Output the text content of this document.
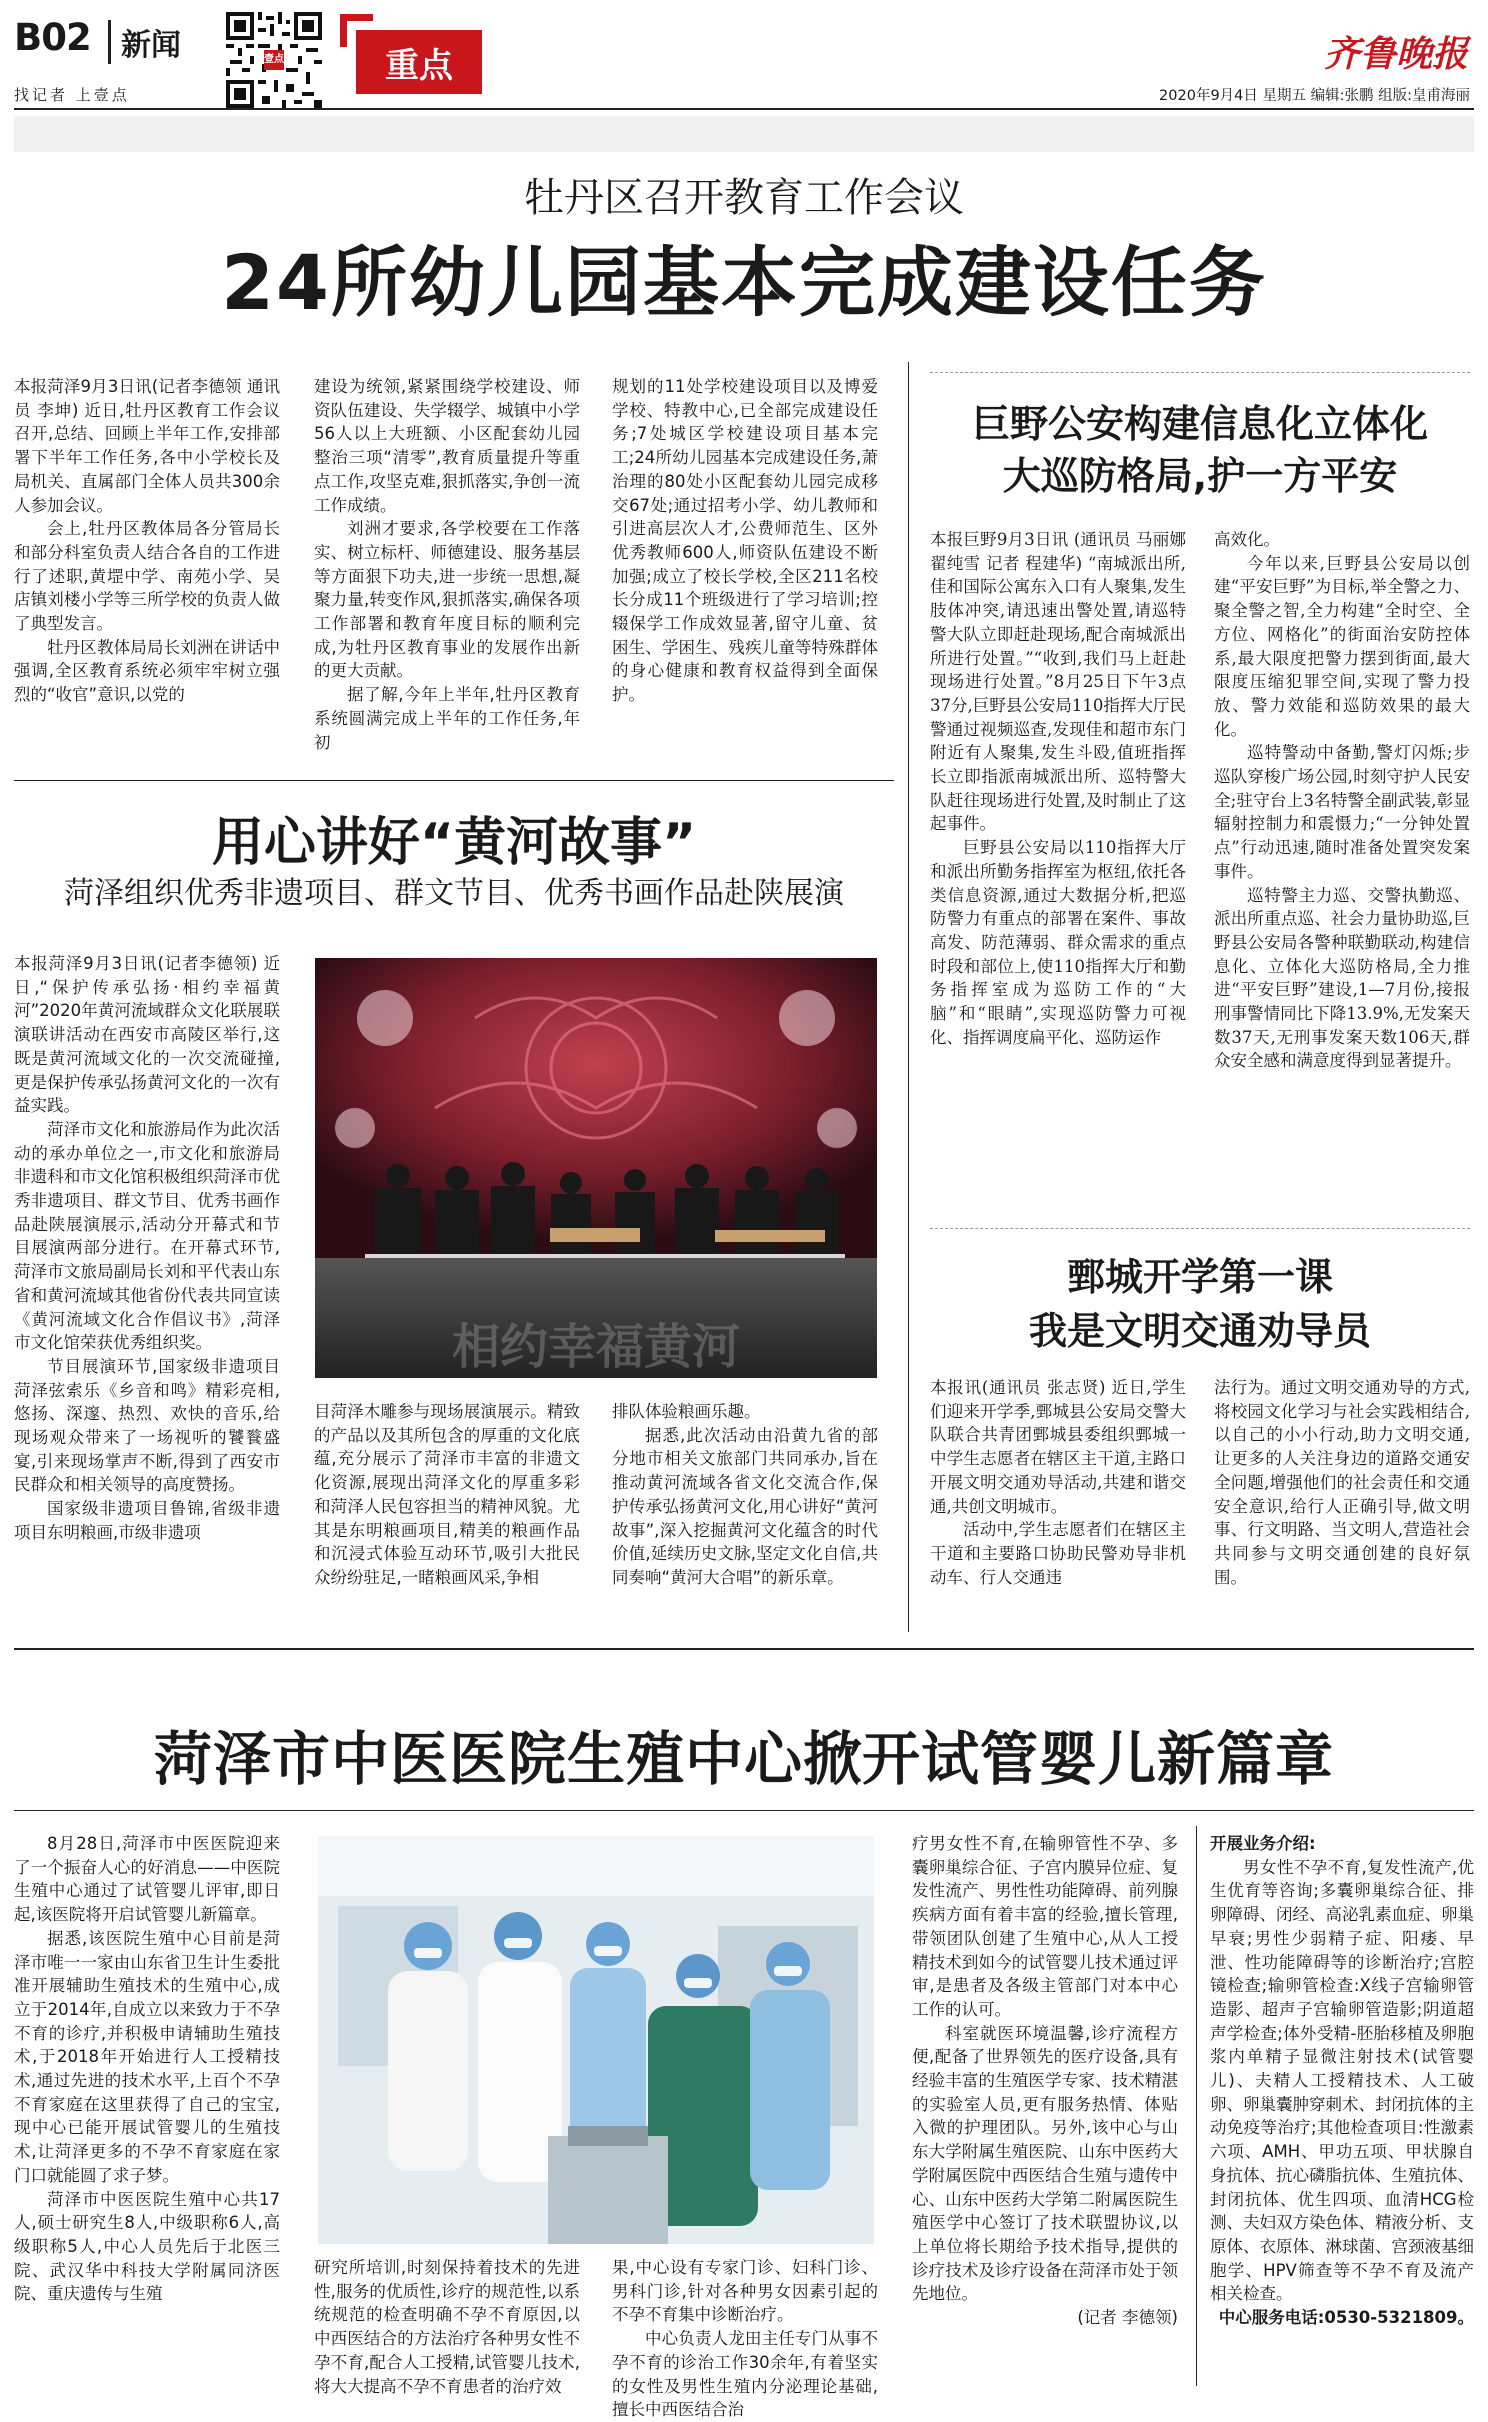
B02 新闻
找记者 上壹点
壹点	重点	齐鲁晚报
2020年9月4日 星期五 编辑:张鹏 组版:皇甫海丽
牡丹区召开教育工作会议
24所幼儿园基本完成建设任务

本报菏泽9月3日讯(记者李德领 通讯员 李坤) 近日,牡丹区教育工作会议召开,总结、回顾上半年工作,安排部署下半年工作任务,各中小学校长及局机关、直属部门全体人员共300余人参加会议。

会上,牡丹区教体局各分管局长和部分科室负责人结合各自的工作进行了述职,黄堽中学、南苑小学、吴店镇刘楼小学等三所学校的负责人做了典型发言。

牡丹区教体局局长刘洲在讲话中强调,全区教育系统必须牢牢树立强烈的“收官”意识,以党的

建设为统领,紧紧围绕学校建设、师资队伍建设、失学辍学、城镇中小学56人以上大班额、小区配套幼儿园整治三项“清零”,教育质量提升等重点工作,攻坚克难,狠抓落实,争创一流工作成绩。

刘洲才要求,各学校要在工作落实、树立标杆、师德建设、服务基层等方面狠下功夫,进一步统一思想,凝聚力量,转变作风,狠抓落实,确保各项工作部署和教育年度目标的顺利完成,为牡丹区教育事业的发展作出新的更大贡献。

据了解,今年上半年,牡丹区教育系统圆满完成上半年的工作任务,年初

规划的11处学校建设项目以及博爱学校、特教中心,已全部完成建设任务;7处城区学校建设项目基本完工;24所幼儿园基本完成建设任务,萧治理的80处小区配套幼儿园完成移交67处;通过招考小学、幼儿教师和引进高层次人才,公费师范生、区外优秀教师600人,师资队伍建设不断加强;成立了校长学校,全区211名校长分成11个班级进行了学习培训;控辍保学工作成效显著,留守儿童、贫困生、学困生、残疾儿童等特殊群体的身心健康和教育权益得到全面保护。

巨野公安构建信息化立体化
大巡防格局,护一方平安

本报巨野9月3日讯 (通讯员 马丽娜 翟纯雪 记者 程建华) “南城派出所,佳和国际公寓东入口有人聚集,发生肢体冲突,请迅速出警处置,请巡特警大队立即赶赴现场,配合南城派出所进行处置。”“收到,我们马上赶赴现场进行处置。”8月25日下午3点37分,巨野县公安局110指挥大厅民警通过视频巡查,发现佳和超市东门附近有人聚集,发生斗殴,值班指挥长立即指派南城派出所、巡特警大队赶往现场进行处置,及时制止了这起事件。

巨野县公安局以110指挥大厅和派出所勤务指挥室为枢纽,依托各类信息资源,通过大数据分析,把巡防警力有重点的部署在案件、事故高发、防范薄弱、群众需求的重点时段和部位上,使110指挥大厅和勤务指挥室成为巡防工作的“大脑”和“眼睛”,实现巡防警力可视化、指挥调度扁平化、巡防运作

高效化。

今年以来,巨野县公安局以创建“平安巨野”为目标,举全警之力、聚全警之智,全力构建“全时空、全方位、网格化”的街面治安防控体系,最大限度把警力摆到街面,最大限度压缩犯罪空间,实现了警力投放、警力效能和巡防效果的最大化。

巡特警动中备勤,警灯闪烁;步巡队穿梭广场公园,时刻守护人民安全;驻守台上3名特警全副武装,彰显辐射控制力和震慑力;“一分钟处置点”行动迅速,随时准备处置突发案事件。

巡特警主力巡、交警执勤巡、派出所重点巡、社会力量协助巡,巨野县公安局各警种联勤联动,构建信息化、立体化大巡防格局,全力推进“平安巨野”建设,1—7月份,接报刑事警情同比下降13.9%,无发案天数37天,无刑事发案天数106天,群众安全感和满意度得到显著提升。

用心讲好“黄河故事”
菏泽组织优秀非遗项目、群文节目、优秀书画作品赴陕展演

本报菏泽9月3日讯(记者李德领) 近日,“保护传承弘扬·相约幸福黄河”2020年黄河流域群众文化联展联演联讲活动在西安市高陵区举行,这既是黄河流域文化的一次交流碰撞,更是保护传承弘扬黄河文化的一次有益实践。

菏泽市文化和旅游局作为此次活动的承办单位之一,市文化和旅游局非遗科和市文化馆积极组织菏泽市优秀非遗项目、群文节目、优秀书画作品赴陕展演展示,活动分开幕式和节目展演两部分进行。在开幕式环节,菏泽市文旅局副局长刘和平代表山东省和黄河流域其他省份代表共同宣读《黄河流域文化合作倡议书》,菏泽市文化馆荣获优秀组织奖。

节目展演环节,国家级非遗项目菏泽弦索乐《乡音和鸣》精彩亮相,悠扬、深邃、热烈、欢快的音乐,给现场观众带来了一场视听的饕餮盛宴,引来现场掌声不断,得到了西安市民群众和相关领导的高度赞扬。

国家级非遗项目鲁锦,省级非遗项目东明粮画,市级非遗项

相约幸福黄河

目菏泽木雕参与现场展演展示。精致的产品以及其所包含的厚重的文化底蕴,充分展示了菏泽市丰富的非遗文化资源,展现出菏泽文化的厚重多彩和菏泽人民包容担当的精神风貌。尤其是东明粮画项目,精美的粮画作品和沉浸式体验互动环节,吸引大批民众纷纷驻足,一睹粮画风采,争相

排队体验粮画乐趣。

据悉,此次活动由沿黄九省的部分地市相关文旅部门共同承办,旨在推动黄河流域各省文化交流合作,保护传承弘扬黄河文化,用心讲好“黄河故事”,深入挖掘黄河文化蕴含的时代价值,延续历史文脉,坚定文化自信,共同奏响“黄河大合唱”的新乐章。

鄄城开学第一课
我是文明交通劝导员

本报讯(通讯员 张志贤) 近日,学生们迎来开学季,鄄城县公安局交警大队联合共青团鄄城县委组织鄄城一中学生志愿者在辖区主干道,主路口开展文明交通劝导活动,共建和谐交通,共创文明城市。

活动中,学生志愿者们在辖区主干道和主要路口协助民警劝导非机动车、行人交通违

法行为。通过文明交通劝导的方式,将校园文化学习与社会实践相结合,以自己的小小行动,助力文明交通,让更多的人关注身边的道路交通安全问题,增强他们的社会责任和交通安全意识,给行人正确引导,做文明事、行文明路、当文明人,营造社会共同参与文明交通创建的良好氛围。

菏泽市中医医院生殖中心掀开试管婴儿新篇章

8月28日,菏泽市中医医院迎来了一个振奋人心的好消息——中医院生殖中心通过了试管婴儿评审,即日起,该医院将开启试管婴儿新篇章。

据悉,该医院生殖中心目前是菏泽市唯一一家由山东省卫生计生委批准开展辅助生殖技术的生殖中心,成立于2014年,自成立以来致力于不孕不育的诊疗,并积极申请辅助生殖技术,于2018年开始进行人工授精技术,通过先进的技术水平,上百个不孕不育家庭在这里获得了自己的宝宝,现中心已能开展试管婴儿的生殖技术,让菏泽更多的不孕不育家庭在家门口就能圆了求子梦。

菏泽市中医医院生殖中心共17人,硕士研究生8人,中级职称6人,高级职称5人,中心人员先后于北医三院、武汉华中科技大学附属同济医院、重庆遗传与生殖

研究所培训,时刻保持着技术的先进性,服务的优质性,诊疗的规范性,以系统规范的检查明确不孕不育原因,以中西医结合的方法治疗各种男女性不孕不育,配合人工授精,试管婴儿技术,将大大提高不孕不育患者的治疗效

果,中心设有专家门诊、妇科门诊、男科门诊,针对各种男女因素引起的不孕不育集中诊断治疗。

中心负责人龙田主任专门从事不孕不育的诊治工作30余年,有着坚实的女性及男性生殖内分泌理论基础,擅长中西医结合治

疗男女性不育,在输卵管性不孕、多囊卵巢综合征、子宫内膜异位症、复发性流产、男性性功能障碍、前列腺疾病方面有着丰富的经验,擅长管理,带领团队创建了生殖中心,从人工授精技术到如今的试管婴儿技术通过评审,是患者及各级主管部门对本中心工作的认可。

科室就医环境温馨,诊疗流程方便,配备了世界领先的医疗设备,具有经验丰富的生殖医学专家、技术精湛的实验室人员,更有服务热情、体贴入微的护理团队。另外,该中心与山东大学附属生殖医院、山东中医药大学附属医院中西医结合生殖与遗传中心、山东中医药大学第二附属医院生殖医学中心签订了技术联盟协议,以上单位将长期给予技术指导,提供的诊疗技术及诊疗设备在菏泽市处于领先地位。

(记者 李德领)

开展业务介绍:

男女性不孕不育,复发性流产,优生优育等咨询;多囊卵巢综合征、排卵障碍、闭经、高泌乳素血症、卵巢早衰;男性少弱精子症、阳痿、早泄、性功能障碍等的诊断治疗;宫腔镜检查;输卵管检查:X线子宫输卵管造影、超声子宫输卵管造影;阴道超声学检查;体外受精-胚胎移植及卵胞浆内单精子显微注射技术(试管婴儿)、夫精人工授精技术、人工破卵、卵巢囊肿穿刺术、封闭抗体的主动免疫等治疗;其他检查项目:性激素六项、AMH、甲功五项、甲状腺自身抗体、抗心磷脂抗体、生殖抗体、封闭抗体、优生四项、血清HCG检测、夫妇双方染色体、精液分析、支原体、衣原体、淋球菌、宫颈液基细胞学、HPV筛查等不孕不育及流产相关检查。

中心服务电话:0530-5321809。
